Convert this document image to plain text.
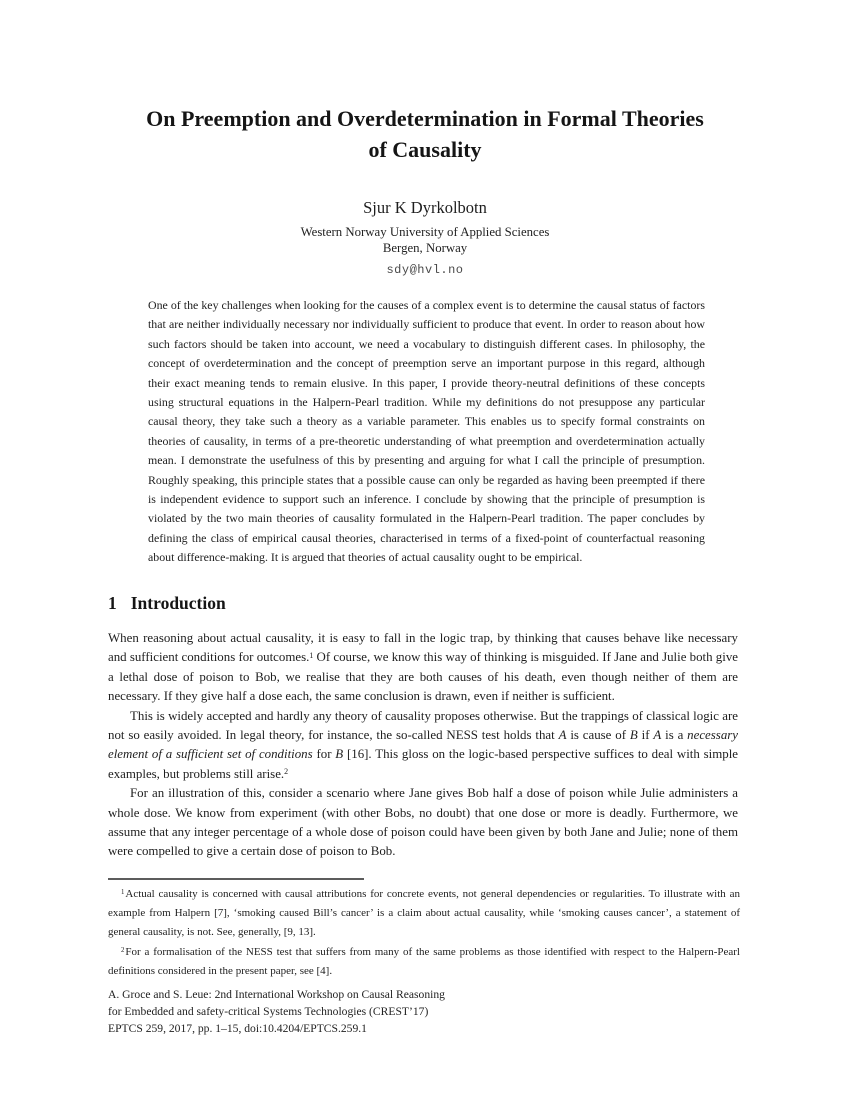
On Preemption and Overdetermination in Formal Theories
of Causality
Sjur K Dyrkolbotn
Western Norway University of Applied Sciences
Bergen, Norway
sdy@hvl.no
One of the key challenges when looking for the causes of a complex event is to determine the causal status of factors that are neither individually necessary nor individually sufficient to produce that event. In order to reason about how such factors should be taken into account, we need a vocabulary to distinguish different cases. In philosophy, the concept of overdetermination and the concept of preemption serve an important purpose in this regard, although their exact meaning tends to remain elusive. In this paper, I provide theory-neutral definitions of these concepts using structural equations in the Halpern-Pearl tradition. While my definitions do not presuppose any particular causal theory, they take such a theory as a variable parameter. This enables us to specify formal constraints on theories of causality, in terms of a pre-theoretic understanding of what preemption and overdetermination actually mean. I demonstrate the usefulness of this by presenting and arguing for what I call the principle of presumption. Roughly speaking, this principle states that a possible cause can only be regarded as having been preempted if there is independent evidence to support such an inference. I conclude by showing that the principle of presumption is violated by the two main theories of causality formulated in the Halpern-Pearl tradition. The paper concludes by defining the class of empirical causal theories, characterised in terms of a fixed-point of counterfactual reasoning about difference-making. It is argued that theories of actual causality ought to be empirical.
1 Introduction

When reasoning about actual causality, it is easy to fall in the logic trap, by thinking that causes behave like necessary and sufficient conditions for outcomes.$^1$ Of course, we know this way of thinking is misguided. If Jane and Julie both give a lethal dose of poison to Bob, we realise that they are both causes of his death, even though neither of them are necessary. If they give half a dose each, the same conclusion is drawn, even if neither is sufficient.

This is widely accepted and hardly any theory of causality proposes otherwise. But the trappings of classical logic are not so easily avoided. In legal theory, for instance, the so-called NESS test holds that A is cause of B if A is a necessary element of a sufficient set of conditions for B [16]. This gloss on the logic-based perspective suffices to deal with simple examples, but problems still arise.$^2$

For an illustration of this, consider a scenario where Jane gives Bob half a dose of poison while Julie administers a whole dose. We know from experiment (with other Bobs, no doubt) that one dose or more is deadly. Furthermore, we assume that any integer percentage of a whole dose of poison could have been given by both Jane and Julie; none of them were compelled to give a certain dose of poison to Bob.

$^1$Actual causality is concerned with causal attributions for concrete events, not general dependencies or regularities. To illustrate with an example from Halpern [7], ‘smoking caused Bill’s cancer’ is a claim about actual causality, while ‘smoking causes cancer’, a statement of general causality, is not. See, generally, [9, 13].

$^2$For a formalisation of the NESS test that suffers from many of the same problems as those identified with respect to the Halpern-Pearl definitions considered in the present paper, see [4].

A. Groce and S. Leue: 2nd International Workshop on Causal Reasoning
for Embedded and safety-critical Systems Technologies (CREST’17)
EPTCS 259, 2017, pp. 1–15, doi:10.4204/EPTCS.259.1
